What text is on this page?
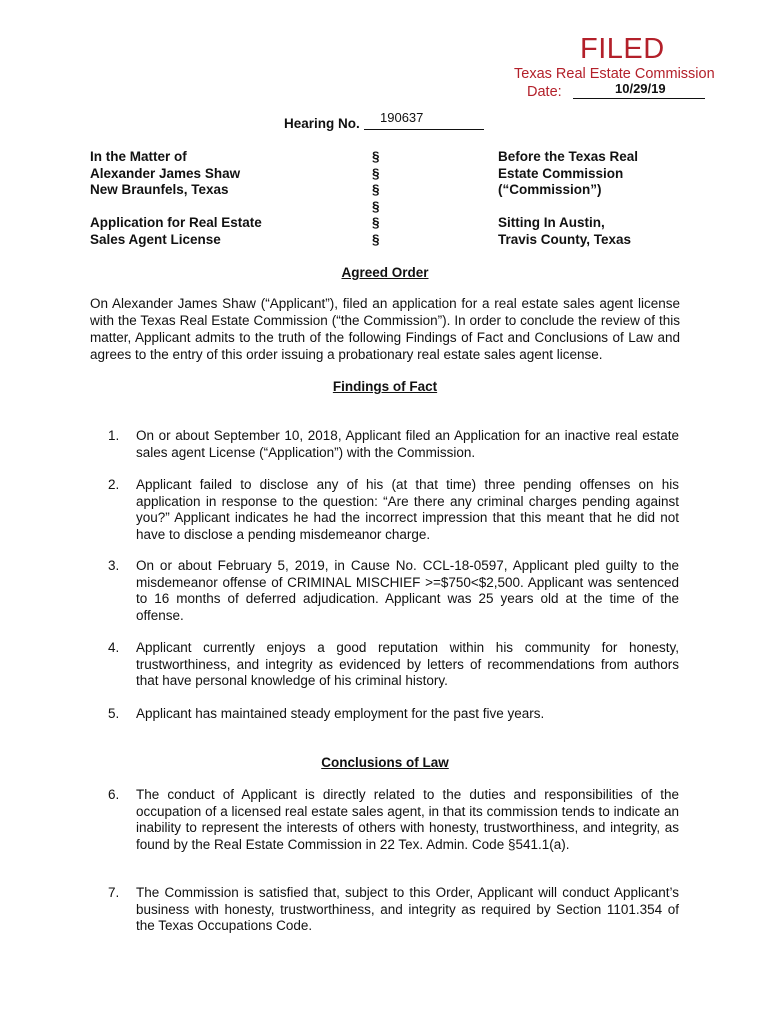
FILED
Texas Real Estate Commission
Date:	10/29/19
Hearing No. 190637
In the Matter of
Alexander James Shaw
New Braunfels, Texas
Application for Real Estate
Sales Agent License
§
§
§
§
§
§
Before the Texas Real
Estate Commission
(“Commission”)
Sitting In Austin,
Travis County, Texas
Agreed Order
On Alexander James Shaw (“Applicant”), filed an application for a real estate sales agent license with the Texas Real Estate Commission (“the Commission”). In order to conclude the review of this matter, Applicant admits to the truth of the following Findings of Fact and Conclusions of Law and agrees to the entry of this order issuing a probationary real estate sales agent license.
Findings of Fact
1. On or about September 10, 2018, Applicant filed an Application for an inactive real estate sales agent License (“Application”) with the Commission.
2. Applicant failed to disclose any of his (at that time) three pending offenses on his application in response to the question: “Are there any criminal charges pending against you?” Applicant indicates he had the incorrect impression that this meant that he did not have to disclose a pending misdemeanor charge.
3. On or about February 5, 2019, in Cause No. CCL-18-0597, Applicant pled guilty to the misdemeanor offense of CRIMINAL MISCHIEF >=$750<$2,500. Applicant was sentenced to 16 months of deferred adjudication. Applicant was 25 years old at the time of the offense.
4. Applicant currently enjoys a good reputation within his community for honesty, trustworthiness, and integrity as evidenced by letters of recommendations from authors that have personal knowledge of his criminal history.
5. Applicant has maintained steady employment for the past five years.
Conclusions of Law
6. The conduct of Applicant is directly related to the duties and responsibilities of the occupation of a licensed real estate sales agent, in that its commission tends to indicate an inability to represent the interests of others with honesty, trustworthiness, and integrity, as found by the Real Estate Commission in 22 Tex. Admin. Code §541.1(a).
7. The Commission is satisfied that, subject to this Order, Applicant will conduct Applicant’s business with honesty, trustworthiness, and integrity as required by Section 1101.354 of the Texas Occupations Code.
